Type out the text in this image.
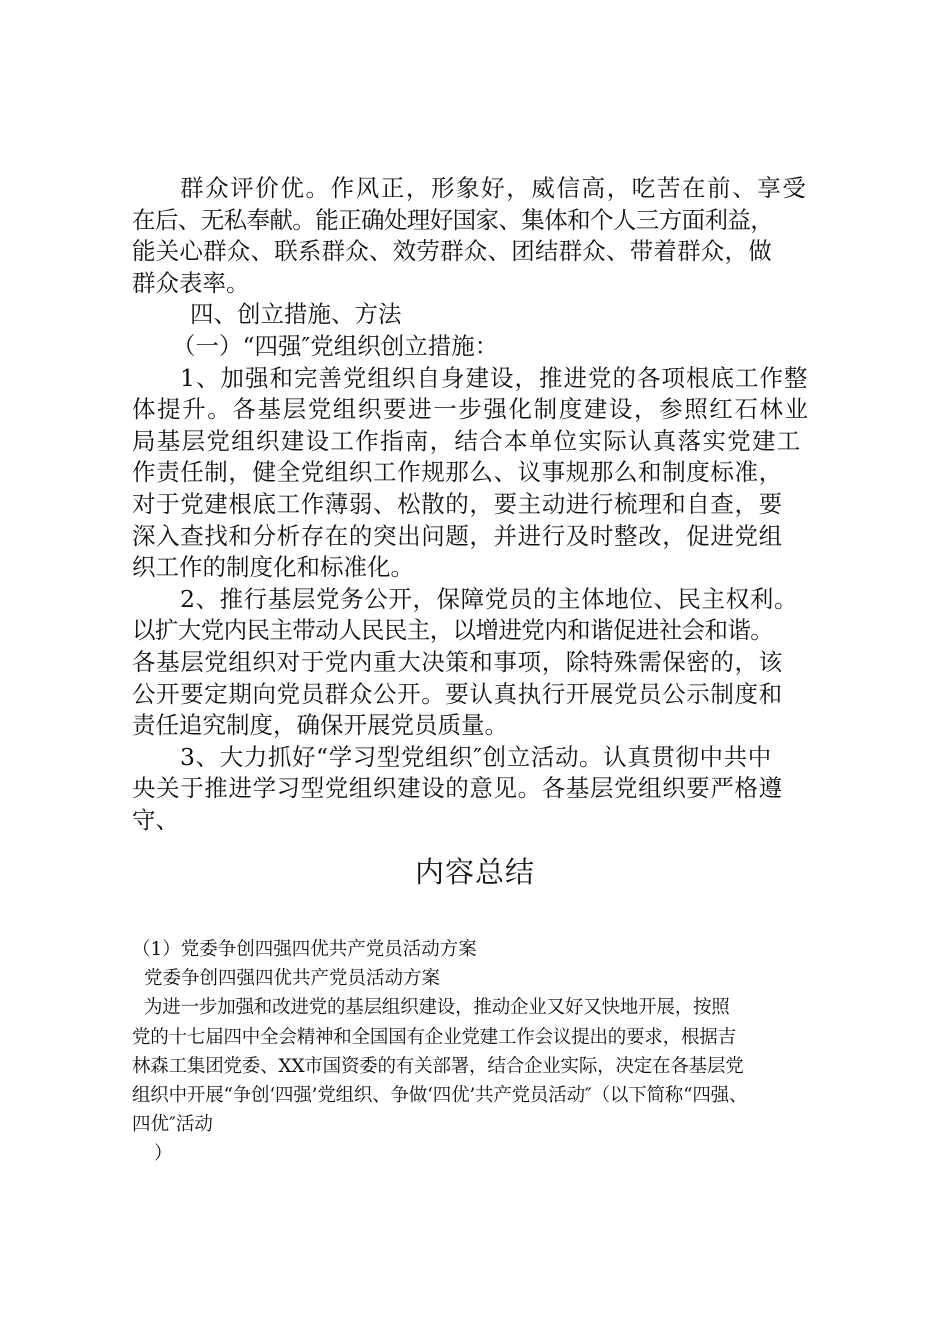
群众评价优。作风正，形象好，威信高，吃苦在前、享受
在后、无私奉献。能正确处理好国家、集体和个人三方面利益，
能关心群众、联系群众、效劳群众、团结群众、带着群众，做
群众表率。
四、创立措施、方法
（一）“四强″党组织创立措施：
1、加强和完善党组织自身建设，推进党的各项根底工作整
体提升。各基层党组织要进一步强化制度建设，参照红石林业
局基层党组织建设工作指南，结合本单位实际认真落实党建工
作责任制，健全党组织工作规那么、议事规那么和制度标准，
对于党建根底工作薄弱、松散的，要主动进行梳理和自查，要
深入查找和分析存在的突出问题，并进行及时整改，促进党组
织工作的制度化和标准化。
2、推行基层党务公开，保障党员的主体地位、民主权利。
以扩大党内民主带动人民民主，以增进党内和谐促进社会和谐。
各基层党组织对于党内重大决策和事项，除特殊需保密的，该
公开要定期向党员群众公开。要认真执行开展党员公示制度和
责任追究制度，确保开展党员质量。
3、大力抓好“学习型党组织″创立活动。认真贯彻中共中
央关于推进学习型党组织建设的意见。各基层党组织要严格遵
守、
内容总结
（1）党委争创四强四优共产党员活动方案
党委争创四强四优共产党员活动方案
为进一步加强和改进党的基层组织建设，推动企业又好又快地开展，按照
党的十七届四中全会精神和全国国有企业党建工作会议提出的要求，根据吉
林森工集团党委、XX市国资委的有关部署，结合企业实际，决定在各基层党
组织中开展“争创‘四强’党组织、争做‘四优’共产党员活动″（以下简称“四强、
四优″活动
）
